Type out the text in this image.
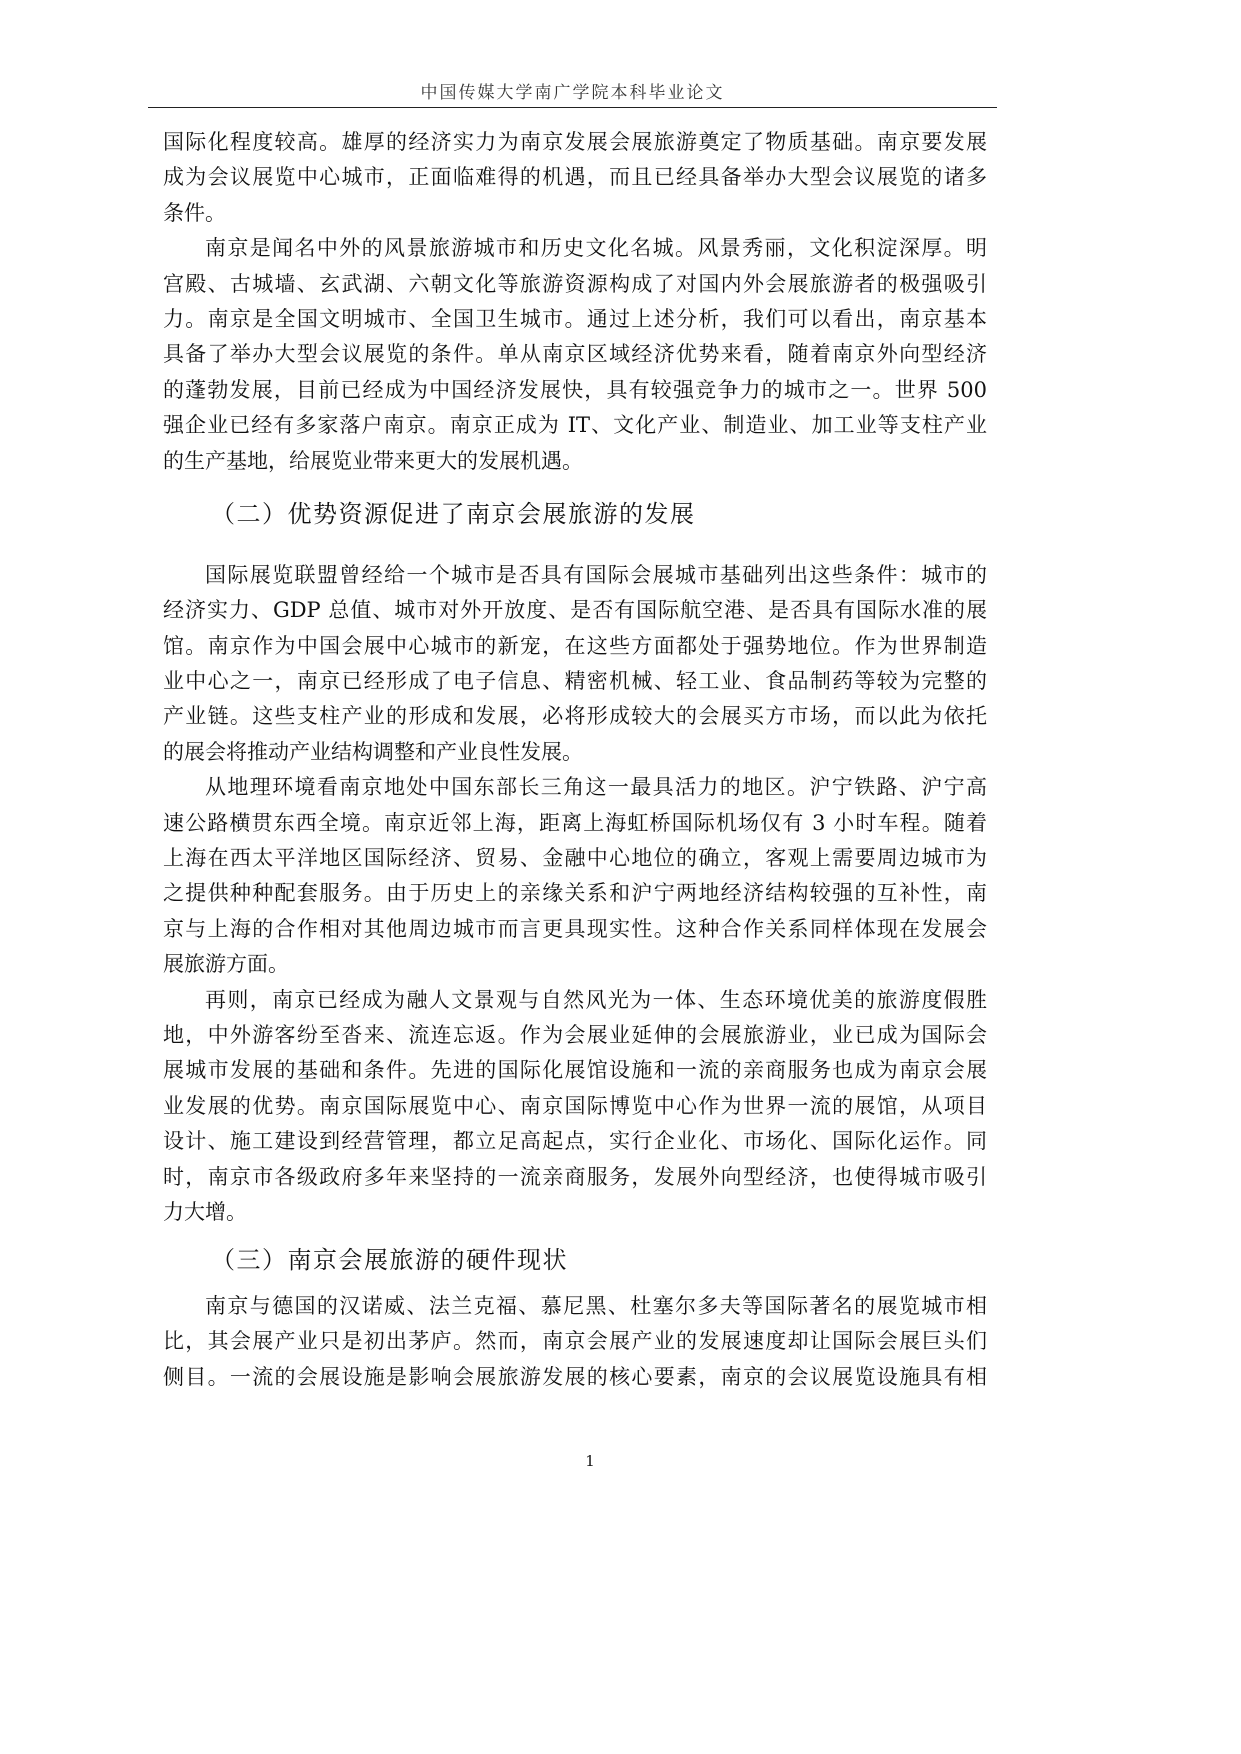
中国传媒大学南广学院本科毕业论文
国际化程度较高。雄厚的经济实力为南京发展会展旅游奠定了物质基础。南京要发展
成为会议展览中心城市，正面临难得的机遇，而且已经具备举办大型会议展览的诸多
条件。
南京是闻名中外的风景旅游城市和历史文化名城。风景秀丽，文化积淀深厚。明
宫殿、古城墙、玄武湖、六朝文化等旅游资源构成了对国内外会展旅游者的极强吸引
力。南京是全国文明城市、全国卫生城市。通过上述分析，我们可以看出，南京基本
具备了举办大型会议展览的条件。单从南京区域经济优势来看，随着南京外向型经济
的蓬勃发展，目前已经成为中国经济发展快，具有较强竞争力的城市之一。世界 500
强企业已经有多家落户南京。南京正成为 IT、文化产业、制造业、加工业等支柱产业
的生产基地，给展览业带来更大的发展机遇。
（二）优势资源促进了南京会展旅游的发展
国际展览联盟曾经给一个城市是否具有国际会展城市基础列出这些条件：城市的
经济实力、GDP 总值、城市对外开放度、是否有国际航空港、是否具有国际水准的展
馆。南京作为中国会展中心城市的新宠，在这些方面都处于强势地位。作为世界制造
业中心之一，南京已经形成了电子信息、精密机械、轻工业、食品制药等较为完整的
产业链。这些支柱产业的形成和发展，必将形成较大的会展买方市场，而以此为依托
的展会将推动产业结构调整和产业良性发展。
从地理环境看南京地处中国东部长三角这一最具活力的地区。沪宁铁路、沪宁高
速公路横贯东西全境。南京近邻上海，距离上海虹桥国际机场仅有 3 小时车程。随着
上海在西太平洋地区国际经济、贸易、金融中心地位的确立，客观上需要周边城市为
之提供种种配套服务。由于历史上的亲缘关系和沪宁两地经济结构较强的互补性，南
京与上海的合作相对其他周边城市而言更具现实性。这种合作关系同样体现在发展会
展旅游方面。
再则，南京已经成为融人文景观与自然风光为一体、生态环境优美的旅游度假胜
地，中外游客纷至沓来、流连忘返。作为会展业延伸的会展旅游业，业已成为国际会
展城市发展的基础和条件。先进的国际化展馆设施和一流的亲商服务也成为南京会展
业发展的优势。南京国际展览中心、南京国际博览中心作为世界一流的展馆，从项目
设计、施工建设到经营管理，都立足高起点，实行企业化、市场化、国际化运作。同
时，南京市各级政府多年来坚持的一流亲商服务，发展外向型经济，也使得城市吸引
力大增。
（三）南京会展旅游的硬件现状
南京与德国的汉诺威、法兰克福、慕尼黑、杜塞尔多夫等国际著名的展览城市相
比，其会展产业只是初出茅庐。然而，南京会展产业的发展速度却让国际会展巨头们
侧目。一流的会展设施是影响会展旅游发展的核心要素，南京的会议展览设施具有相
1
